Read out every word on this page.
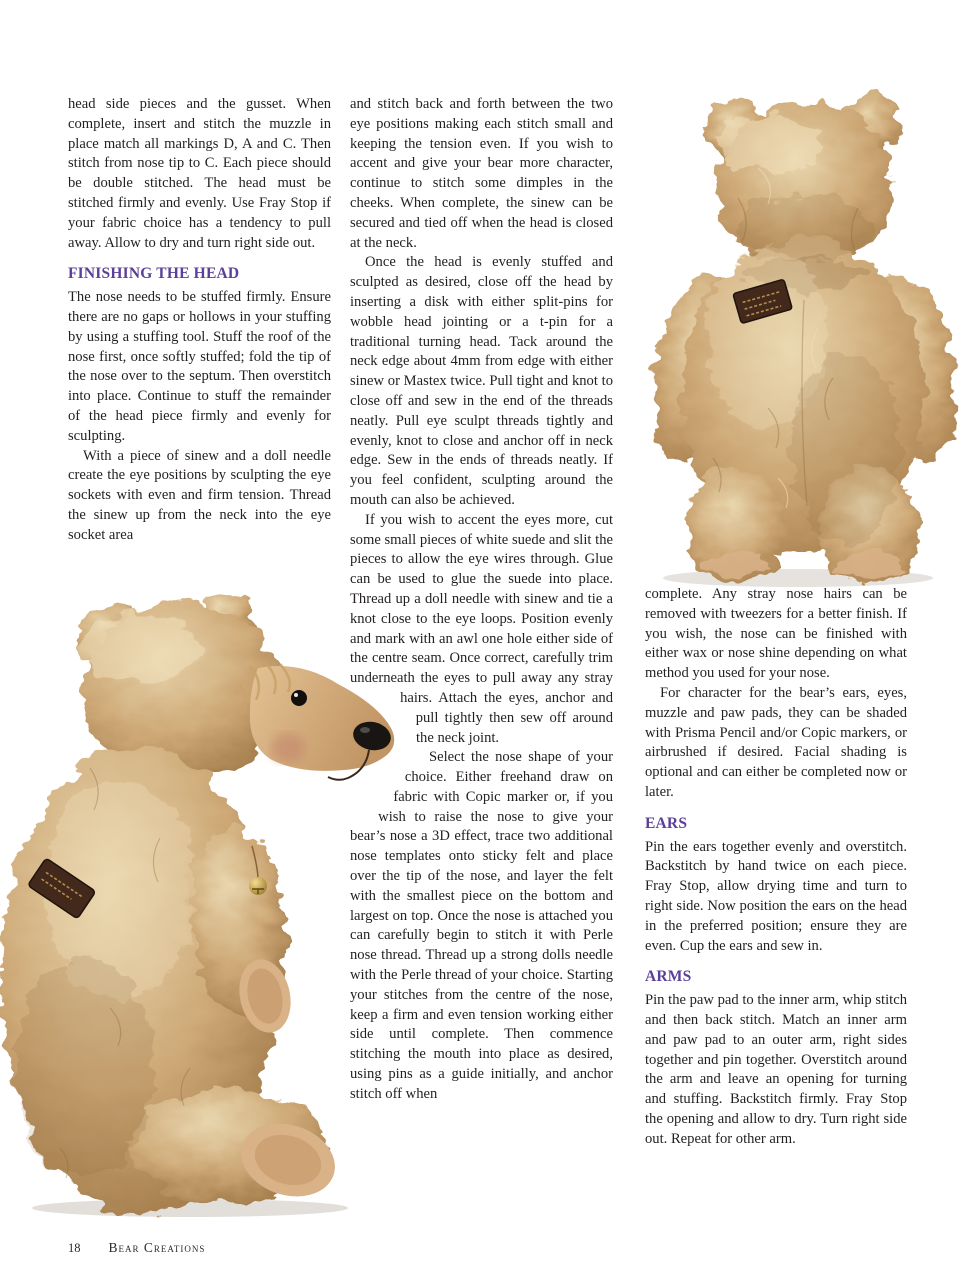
head side pieces and the gusset. When complete, insert and stitch the muzzle in place match all markings D, A and C. Then stitch from nose tip to C. Each piece should be double stitched. The head must be stitched firmly and evenly. Use Fray Stop if your fabric choice has a tendency to pull away. Allow to dry and turn right side out.
FINISHING THE HEAD
The nose needs to be stuffed firmly. Ensure there are no gaps or hollows in your stuffing by using a stuffing tool. Stuff the roof of the nose first, once softly stuffed; fold the tip of the nose over to the septum. Then overstitch into place. Continue to stuff the remainder of the head piece firmly and evenly for sculpting.
With a piece of sinew and a doll needle create the eye positions by sculpting the eye sockets with even and firm tension. Thread the sinew up from the neck into the eye socket area
and stitch back and forth between the two eye positions making each stitch small and keeping the tension even. If you wish to accent and give your bear more character, continue to stitch some dimples in the cheeks. When complete, the sinew can be secured and tied off when the head is closed at the neck.
Once the head is evenly stuffed and sculpted as desired, close off the head by inserting a disk with either split-pins for wobble head jointing or a t-pin for a traditional turning head. Tack around the neck edge about 4mm from edge with either sinew or Mastex twice. Pull tight and knot to close off and sew in the end of the threads neatly. Pull eye sculpt threads tightly and evenly, knot to close and anchor off in neck edge. Sew in the ends of threads neatly. If you feel confident, sculpting around the mouth can also be achieved.
If you wish to accent the eyes more, cut some small pieces of white suede and slit the pieces to allow the eye wires through. Glue can be used to glue the suede into place. Thread up a doll needle with sinew and tie a knot close to the eye loops. Position evenly and mark with an awl one hole either side of the centre seam. Once correct, carefully trim underneath the eyes to pull away any stray hairs. Attach the eyes, anchor and pull tightly then sew off around the neck joint.
Select the nose shape of your choice. Either freehand draw on fabric with Copic marker or, if you wish to raise the nose to give your bear’s nose a 3D effect, trace two additional nose templates onto sticky felt and place over the tip of the nose, and layer the felt with the smallest piece on the bottom and largest on top. Once the nose is attached you can carefully begin to stitch it with Perle nose thread. Thread up a strong dolls needle with the Perle thread of your choice. Starting your stitches from the centre of the nose, keep a firm and even tension working either side until complete. Then commence stitching the mouth into place as desired, using pins as a guide initially, and anchor stitch off when
complete. Any stray nose hairs can be removed with tweezers for a better finish. If you wish, the nose can be finished with either wax or nose shine depending on what method you used for your nose.
For character for the bear’s ears, eyes, muzzle and paw pads, they can be shaded with Prisma Pencil and/or Copic markers, or airbrushed if desired. Facial shading is optional and can either be completed now or later.
EARS
Pin the ears together evenly and overstitch. Backstitch by hand twice on each piece. Fray Stop, allow drying time and turn to right side. Now position the ears on the head in the preferred position; ensure they are even. Cup the ears and sew in.
ARMS
Pin the paw pad to the inner arm, whip stitch and then back stitch. Match an inner arm and paw pad to an outer arm, right sides together and pin together. Overstitch around the arm and leave an opening for turning and stuffing. Backstitch firmly. Fray Stop the opening and allow to dry. Turn right side out. Repeat for other arm.
18 Bear Creations
